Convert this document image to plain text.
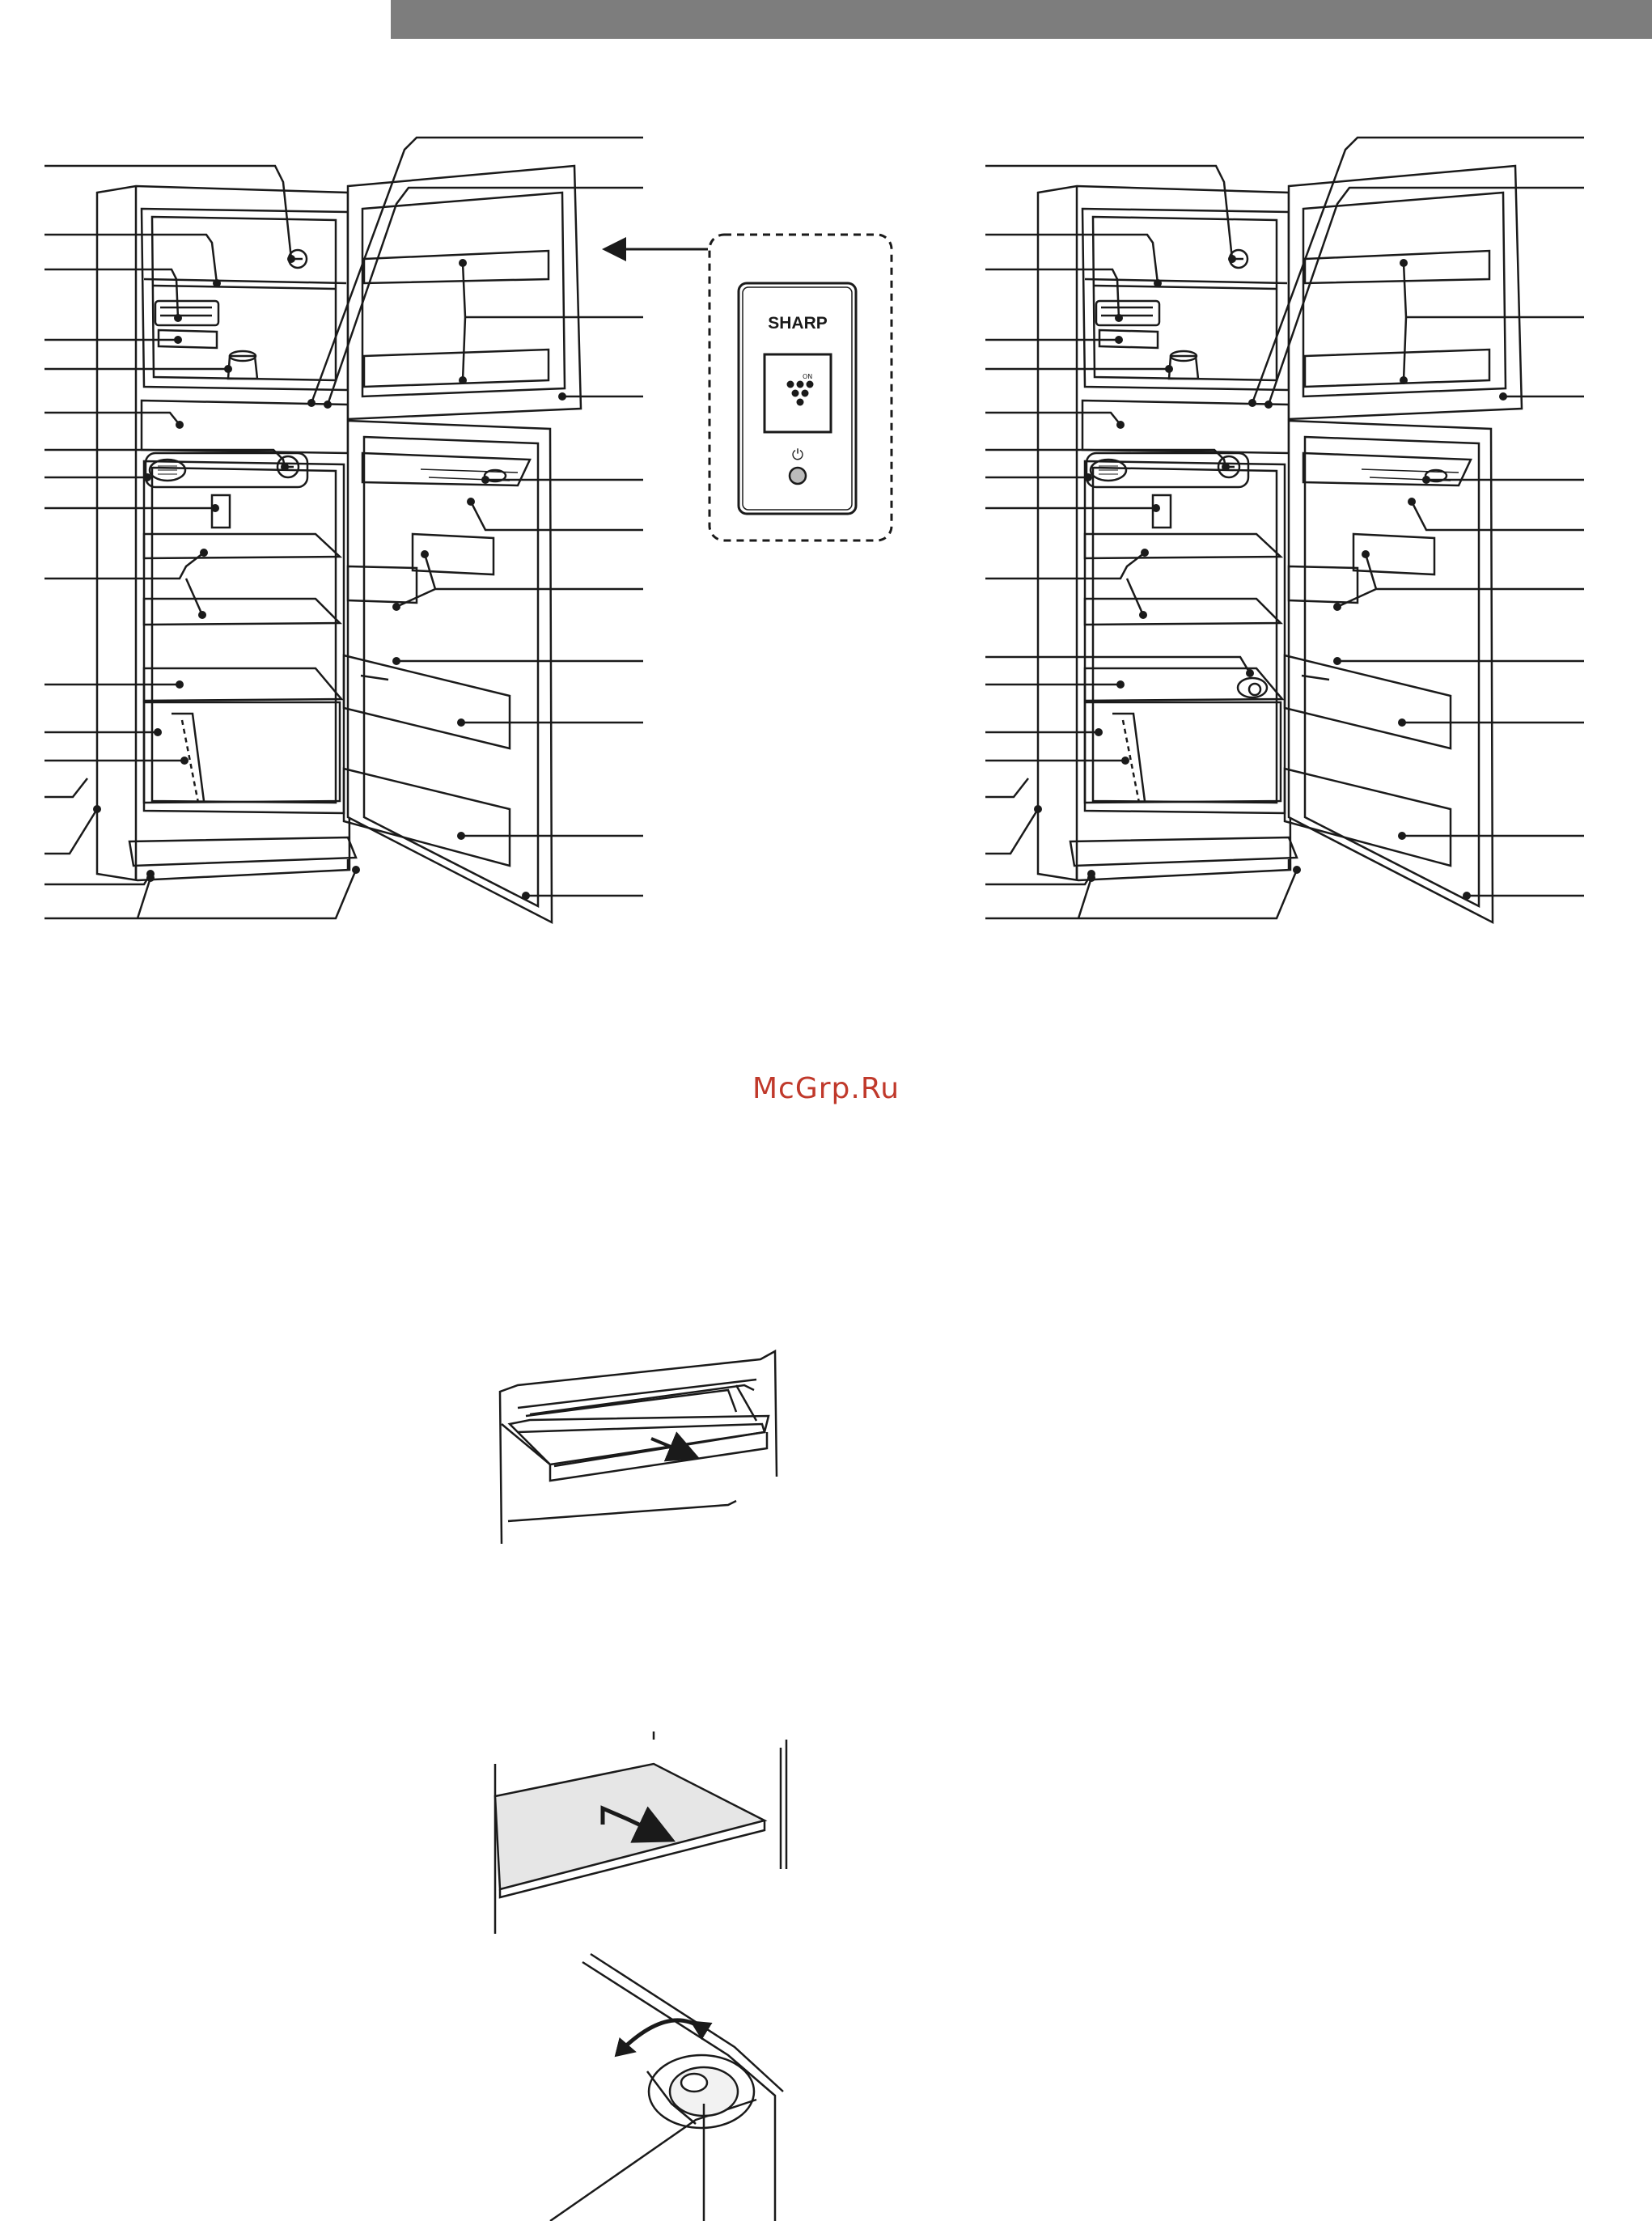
SHARP
ON
⏻
McGrp.Ru
